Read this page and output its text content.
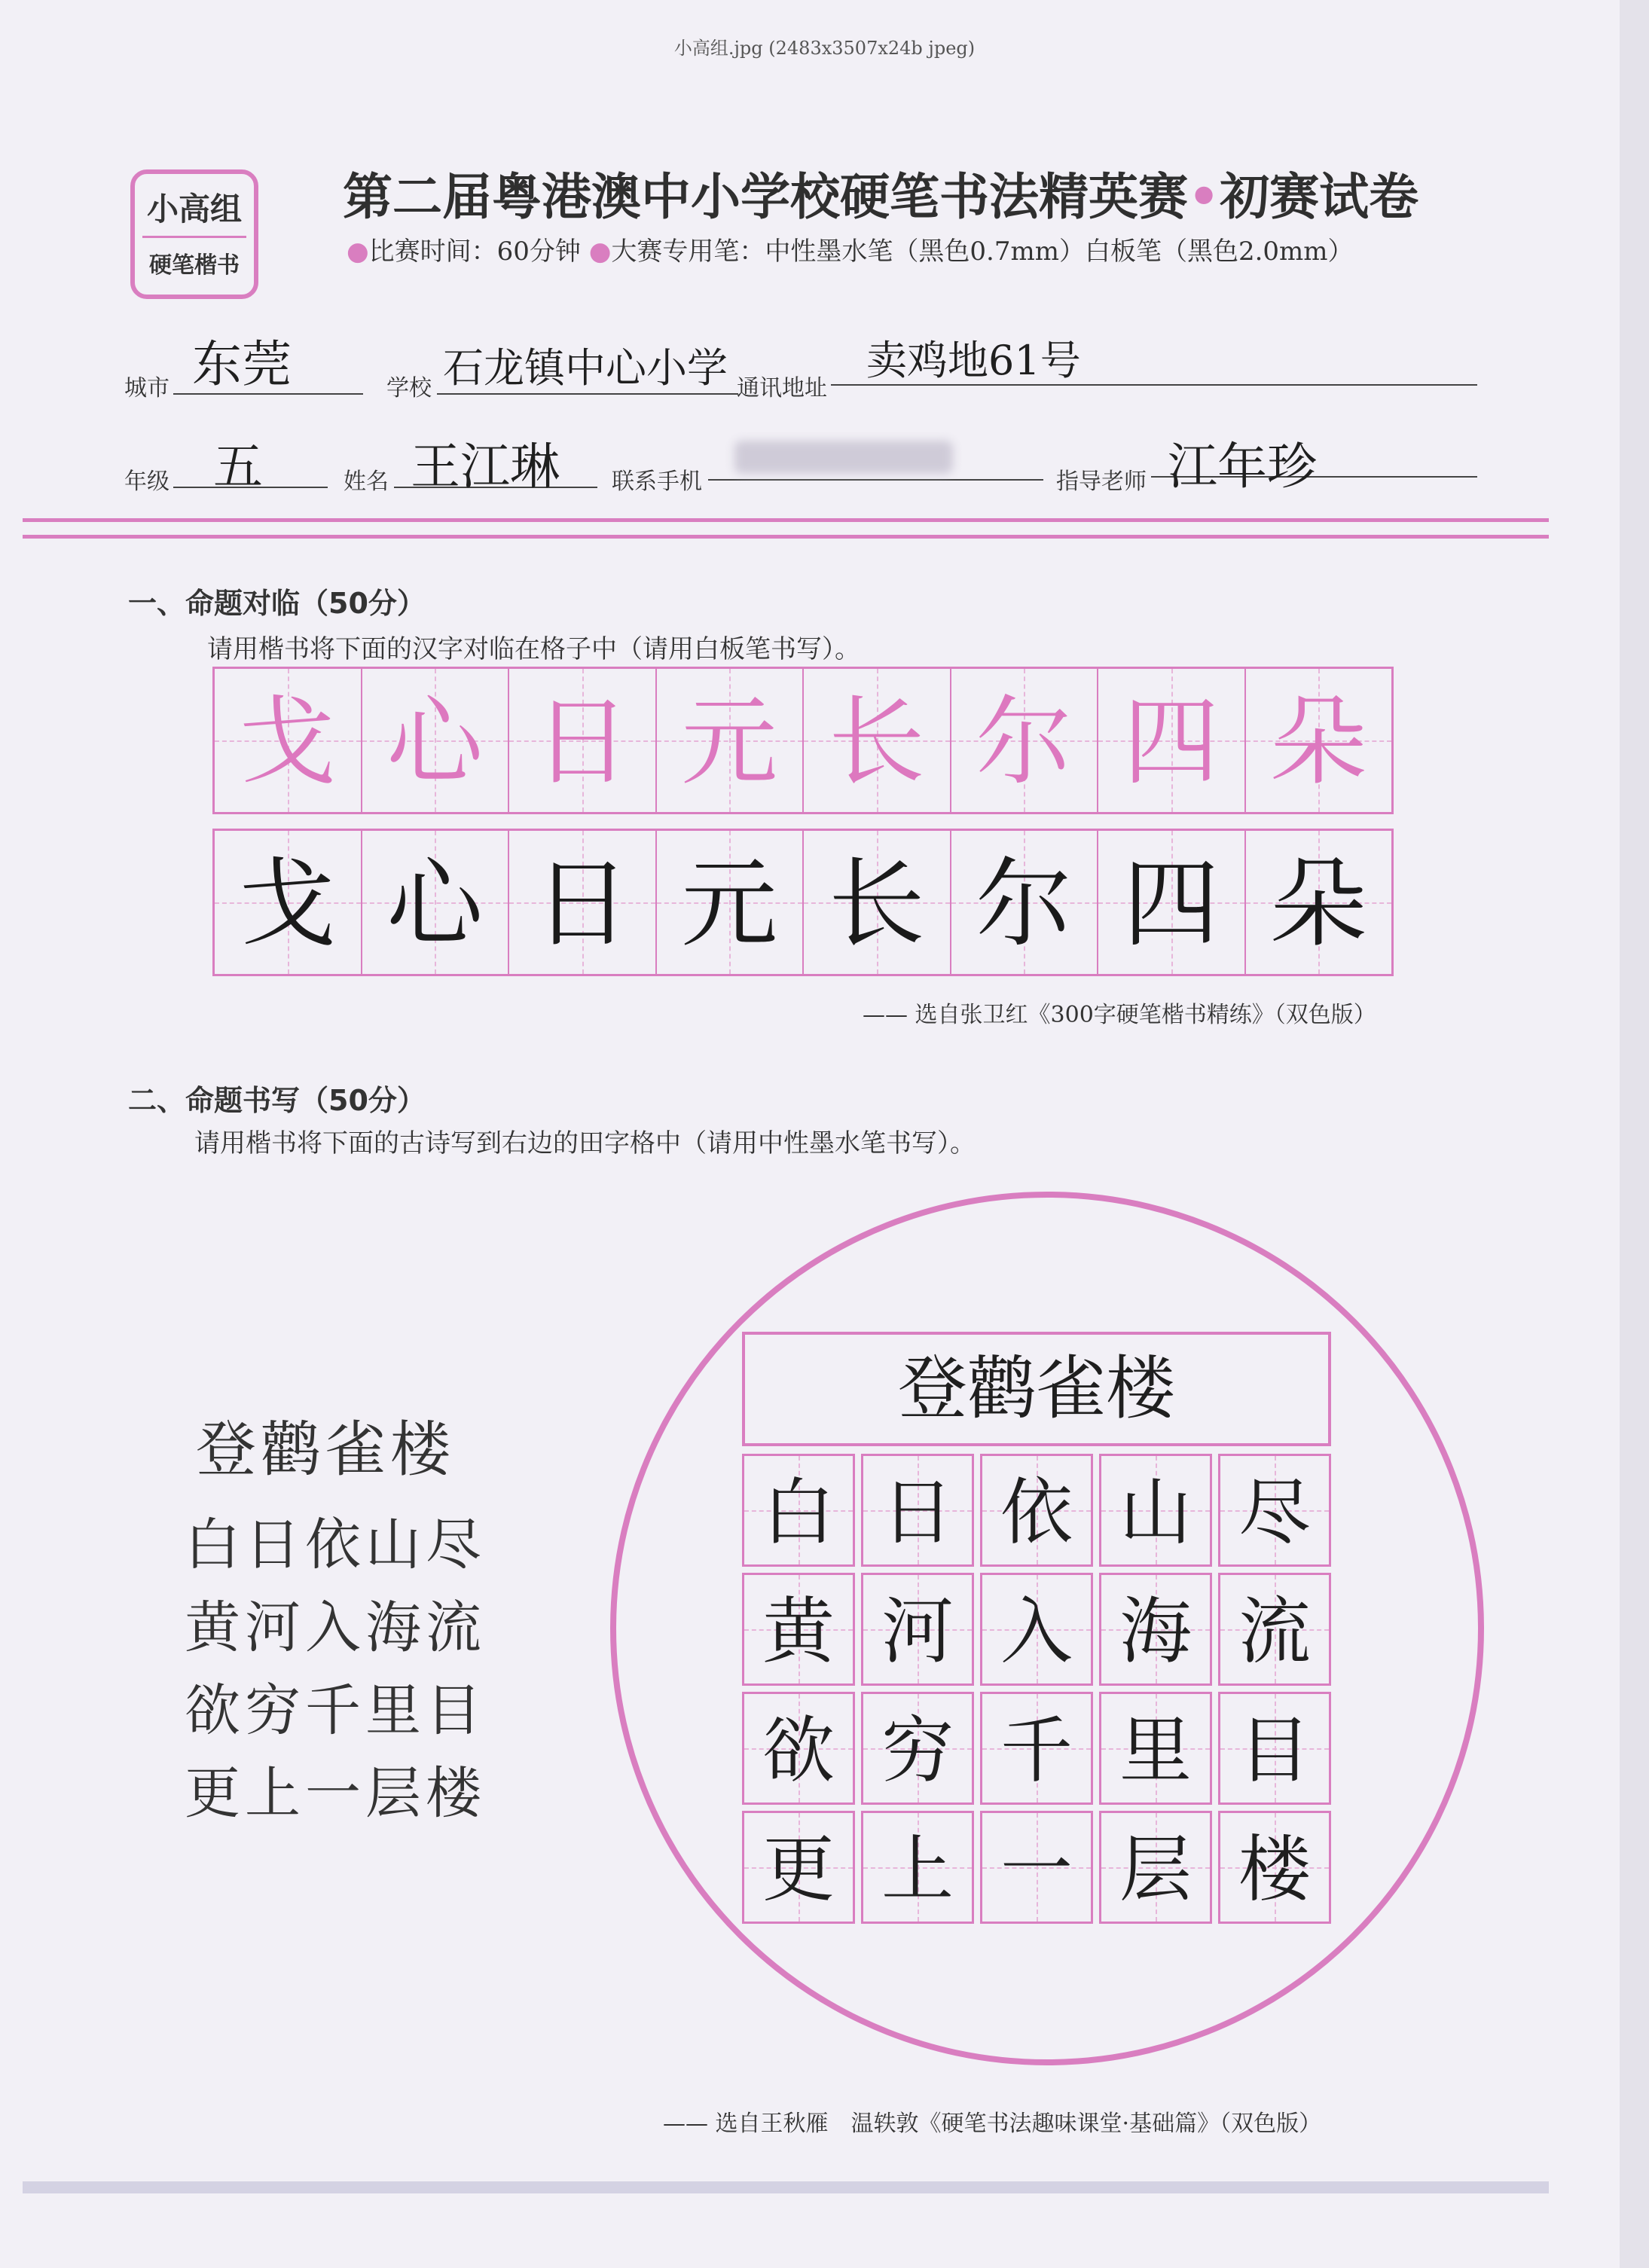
小高组.jpg (2483x3507x24b jpeg)
小高组
硬笔楷书
第二届粤港澳中小学校硬笔书法精英赛•初赛试卷
●比赛时间：60分钟 ●大赛专用笔：中性墨水笔（黑色0.7mm）白板笔（黑色2.0mm）
城市 东莞	学校 石龙镇中心小学 通讯地址
卖鸡地61号
年级 五	姓名 王江琳 联系手机	指导老师 江年珍
一、命题对临（50分）
请用楷书将下面的汉字对临在格子中（请用白板笔书写）。
戈 心 日 元 长 尔 四 朵
戈 心 日 元 长 尔 四 朵
—— 选自张卫红《300字硬笔楷书精练》（双色版）
二、命题书写（50分）
请用楷书将下面的古诗写到右边的田字格中（请用中性墨水笔书写）。
登鹳雀楼
白日依山尽
黄河入海流
欲穷千里目
更上一层楼
登鹳雀楼
白 日 依 山 尽
黄 河 入 海 流
欲 穷 千 里 目
更 上 一 层 楼
—— 选自王秋雁　温轶敦《硬笔书法趣味课堂·基础篇》（双色版）
